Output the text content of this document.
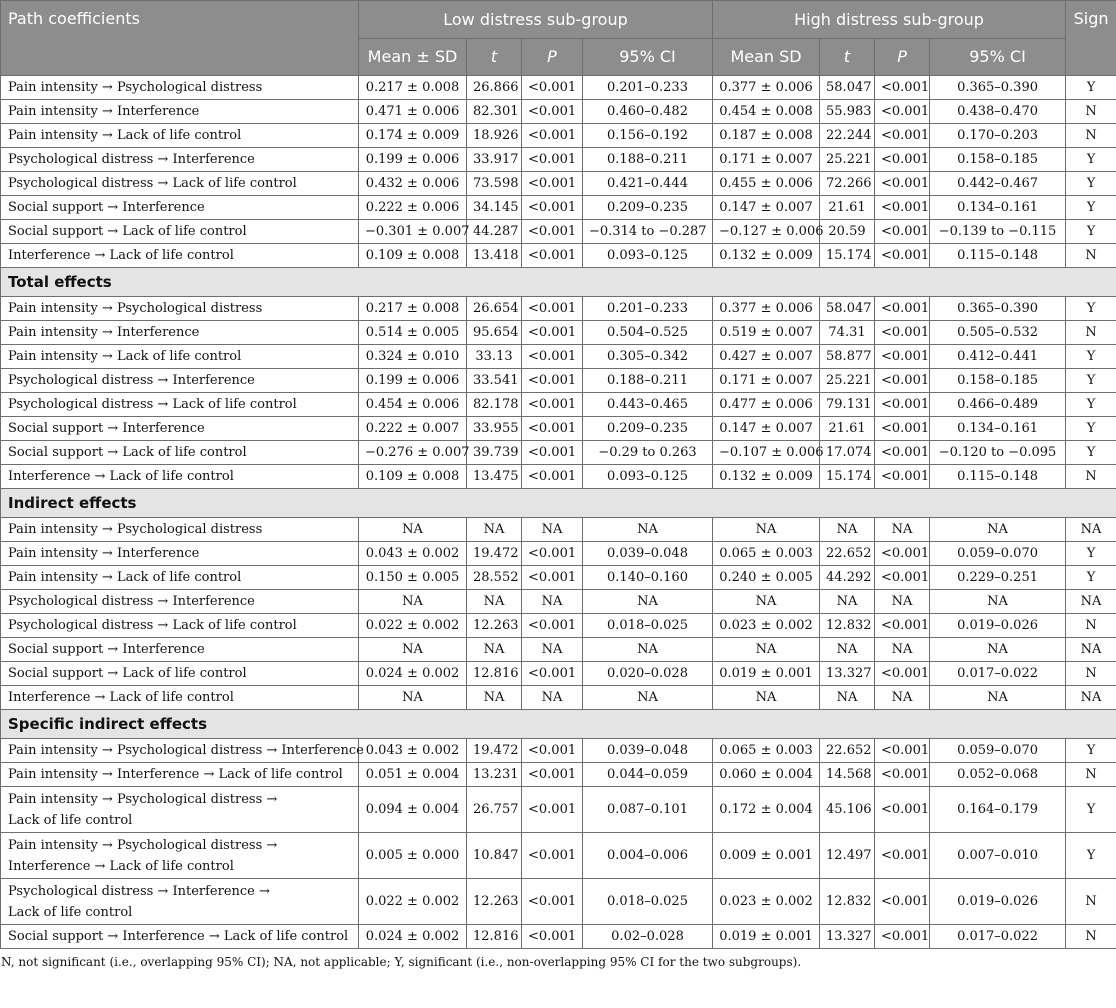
Path coefficients	Low distress sub-group				High distress sub-group				Sign
	Mean ± SD	t	P	95% CI	Mean SD	t	P	95% CI	
Pain intensity → Psychological distress	0.217 ± 0.008	26.866	<0.001	0.201–0.233	0.377 ± 0.006	58.047	<0.001	0.365–0.390	Y
Pain intensity → Interference	0.471 ± 0.006	82.301	<0.001	0.460–0.482	0.454 ± 0.008	55.983	<0.001	0.438–0.470	N
Pain intensity → Lack of life control	0.174 ± 0.009	18.926	<0.001	0.156–0.192	0.187 ± 0.008	22.244	<0.001	0.170–0.203	N
Psychological distress → Interference	0.199 ± 0.006	33.917	<0.001	0.188–0.211	0.171 ± 0.007	25.221	<0.001	0.158–0.185	Y
Psychological distress → Lack of life control	0.432 ± 0.006	73.598	<0.001	0.421–0.444	0.455 ± 0.006	72.266	<0.001	0.442–0.467	Y
Social support → Interference	0.222 ± 0.006	34.145	<0.001	0.209–0.235	0.147 ± 0.007	21.61	<0.001	0.134–0.161	Y
Social support → Lack of life control	−0.301 ± 0.007	44.287	<0.001	−0.314 to −0.287	−0.127 ± 0.006	20.59	<0.001	−0.139 to −0.115	Y
Interference → Lack of life control	0.109 ± 0.008	13.418	<0.001	0.093–0.125	0.132 ± 0.009	15.174	<0.001	0.115–0.148	N
Total effects									
Pain intensity → Psychological distress	0.217 ± 0.008	26.654	<0.001	0.201–0.233	0.377 ± 0.006	58.047	<0.001	0.365–0.390	Y
Pain intensity → Interference	0.514 ± 0.005	95.654	<0.001	0.504–0.525	0.519 ± 0.007	74.31	<0.001	0.505–0.532	N
Pain intensity → Lack of life control	0.324 ± 0.010	33.13	<0.001	0.305–0.342	0.427 ± 0.007	58.877	<0.001	0.412–0.441	Y
Psychological distress → Interference	0.199 ± 0.006	33.541	<0.001	0.188–0.211	0.171 ± 0.007	25.221	<0.001	0.158–0.185	Y
Psychological distress → Lack of life control	0.454 ± 0.006	82.178	<0.001	0.443–0.465	0.477 ± 0.006	79.131	<0.001	0.466–0.489	Y
Social support → Interference	0.222 ± 0.007	33.955	<0.001	0.209–0.235	0.147 ± 0.007	21.61	<0.001	0.134–0.161	Y
Social support → Lack of life control	−0.276 ± 0.007	39.739	<0.001	−0.29 to 0.263	−0.107 ± 0.006	17.074	<0.001	−0.120 to −0.095	Y
Interference → Lack of life control	0.109 ± 0.008	13.475	<0.001	0.093–0.125	0.132 ± 0.009	15.174	<0.001	0.115–0.148	N
Indirect effects									
Pain intensity → Psychological distress	NA	NA	NA	NA	NA	NA	NA	NA	NA
Pain intensity → Interference	0.043 ± 0.002	19.472	<0.001	0.039–0.048	0.065 ± 0.003	22.652	<0.001	0.059–0.070	Y
Pain intensity → Lack of life control	0.150 ± 0.005	28.552	<0.001	0.140–0.160	0.240 ± 0.005	44.292	<0.001	0.229–0.251	Y
Psychological distress → Interference	NA	NA	NA	NA	NA	NA	NA	NA	NA
Psychological distress → Lack of life control	0.022 ± 0.002	12.263	<0.001	0.018–0.025	0.023 ± 0.002	12.832	<0.001	0.019–0.026	N
Social support → Interference	NA	NA	NA	NA	NA	NA	NA	NA	NA
Social support → Lack of life control	0.024 ± 0.002	12.816	<0.001	0.020–0.028	0.019 ± 0.001	13.327	<0.001	0.017–0.022	N
Interference → Lack of life control	NA	NA	NA	NA	NA	NA	NA	NA	NA
Specific indirect effects									
Pain intensity → Psychological distress → Interference	0.043 ± 0.002	19.472	<0.001	0.039–0.048	0.065 ± 0.003	22.652	<0.001	0.059–0.070	Y
Pain intensity → Interference → Lack of life control	0.051 ± 0.004	13.231	<0.001	0.044–0.059	0.060 ± 0.004	14.568	<0.001	0.052–0.068	N
Pain intensity → Psychological distress →
Lack of life control	0.094 ± 0.004	26.757	<0.001	0.087–0.101	0.172 ± 0.004	45.106	<0.001	0.164–0.179	Y
Pain intensity → Psychological distress →
Interference → Lack of life control	0.005 ± 0.000	10.847	<0.001	0.004–0.006	0.009 ± 0.001	12.497	<0.001	0.007–0.010	Y
Psychological distress → Interference →
Lack of life control	0.022 ± 0.002	12.263	<0.001	0.018–0.025	0.023 ± 0.002	12.832	<0.001	0.019–0.026	N
Social support → Interference → Lack of life control	0.024 ± 0.002	12.816	<0.001	0.02–0.028	0.019 ± 0.001	13.327	<0.001	0.017–0.022	N
N, not significant (i.e., overlapping 95% CI); NA, not applicable; Y, significant (i.e., non-overlapping 95% CI for the two subgroups).
